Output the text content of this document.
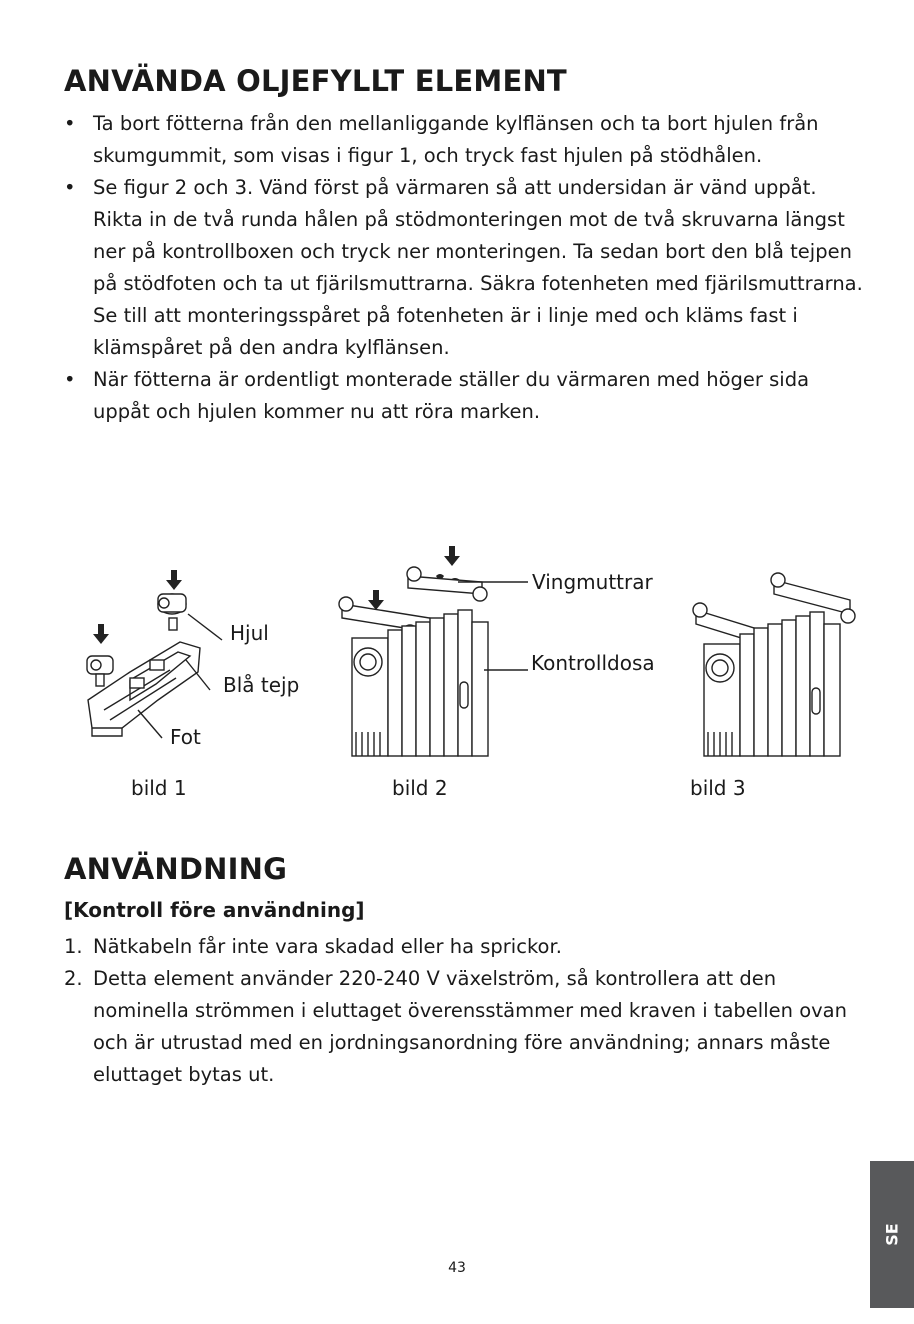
ANVÄNDA OLJEFYLLT ELEMENT
• Ta bort fötterna från den mellanliggande kylflänsen och ta bort hjulen från skumgummit, som visas i figur 1, och tryck fast hjulen på stödhålen.
• Se figur 2 och 3. Vänd först på värmaren så att undersidan är vänd uppåt. Rikta in de två runda hålen på stödmonteringen mot de två skruvarna längst ner på kontrollboxen och tryck ner monteringen. Ta sedan bort den blå tejpen på stödfoten och ta ut fjärilsmuttrarna. Säkra fotenheten med fjärilsmuttrarna. Se till att monteringsspåret på fotenheten är i linje med och kläms fast i klämspåret på den andra kylflänsen.
• När fötterna är ordentligt monterade ställer du värmaren med höger sida uppåt och hjulen kommer nu att röra marken.
Hjul
Blå tejp
Fot
bild 1
Vingmuttrar
Kontrolldosa
bild 2	bild 3
ANVÄNDNING
[Kontroll före användning]
1. Nätkabeln får inte vara skadad eller ha sprickor.
2. Detta element använder 220-240 V växelström, så kontrollera att den nominella strömmen i eluttaget överensstämmer med kraven i tabellen ovan och är utrustad med en jordningsanordning före användning; annars måste eluttaget bytas ut.
SE
43
